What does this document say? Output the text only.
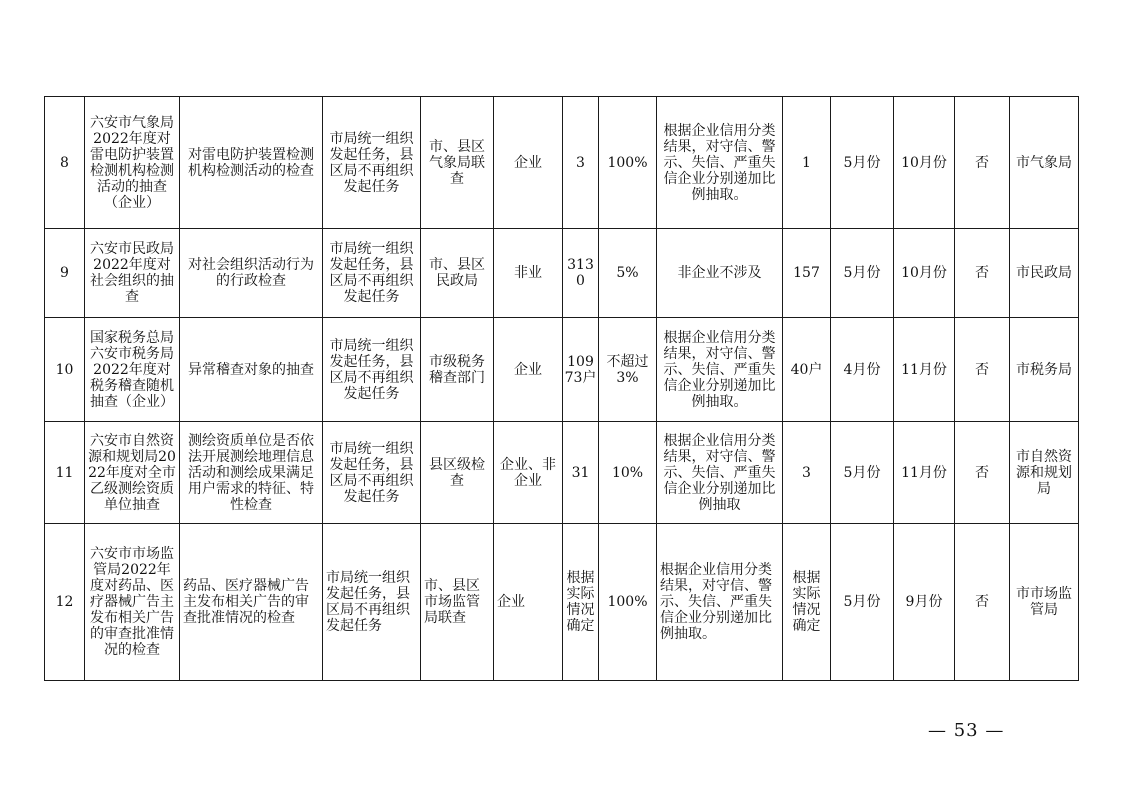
8	六安市气象局2022年度对雷电防护装置检测机构检测活动的抽查（企业）	对雷电防护装置检测机构检测活动的检查	市局统一组织发起任务，县区局不再组织发起任务	市、县区气象局联查	企业	3	100%	根据企业信用分类结果，对守信、警示、失信、严重失信企业分别递加比例抽取。	1	5月份	10月份	否	市气象局
9	六安市民政局2022年度对社会组织的抽查	对社会组织活动行为的行政检查	市局统一组织发起任务，县区局不再组织发起任务	市、县区民政局	非业	3130	5%	非企业不涉及	157	5月份	10月份	否	市民政局
10	国家税务总局六安市税务局2022年度对税务稽查随机抽查（企业）	异常稽查对象的抽查	市局统一组织发起任务，县区局不再组织发起任务	市级税务稽查部门	企业	10973户	不超过3%	根据企业信用分类结果，对守信、警示、失信、严重失信企业分别递加比例抽取。	40户	4月份	11月份	否	市税务局
11	六安市自然资源和规划局2022年度对全市乙级测绘资质单位抽查	测绘资质单位是否依法开展测绘地理信息活动和测绘成果满足用户需求的特征、特性检查	市局统一组织发起任务，县区局不再组织发起任务	县区级检查	企业、非企业	31	10%	根据企业信用分类结果，对守信、警示、失信、严重失信企业分别递加比例抽取	3	5月份	11月份	否	市自然资源和规划局
12	六安市市场监管局2022年度对药品、医疗器械广告主发布相关广告的审查批准情况的检查	药品、医疗器械广告主发布相关广告的审查批准情况的检查	市局统一组织发起任务，县区局不再组织发起任务	市、县区市场监管局联查	企业	根据实际情况确定	100%	根据企业信用分类结果，对守信、警示、失信、严重失信企业分别递加比例抽取。	根据实际情况确定	5月份	9月份	否	市市场监管局
— 53 —
